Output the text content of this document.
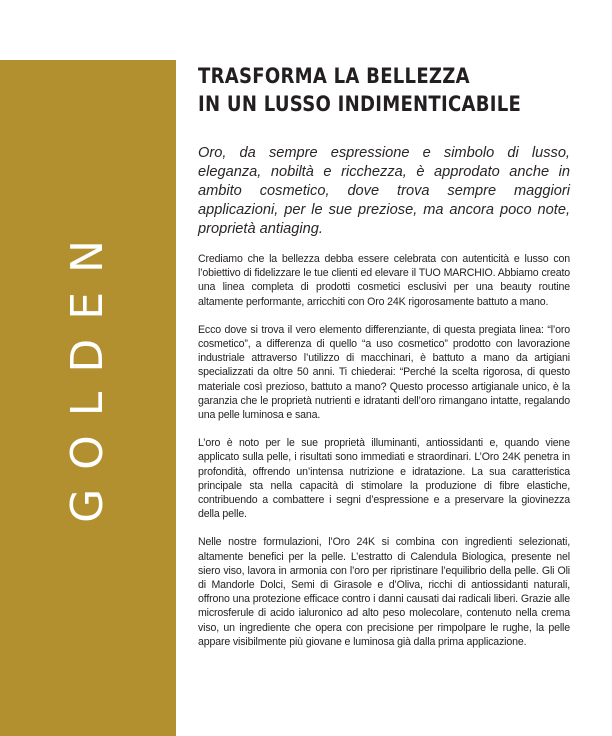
GOLDEN
TRASFORMA LA BELLEZZA
IN UN LUSSO INDIMENTICABILE

Oro, da sempre espressione e simbolo di lusso, eleganza, nobiltà e ricchezza, è approdato anche in ambito cosmetico, dove trova sempre maggiori applicazioni, per le sue preziose, ma ancora poco note, proprietà antiaging.

Crediamo che la bellezza debba essere celebrata con autenticità e lusso con l’obiettivo di fidelizzare le tue clienti ed elevare il TUO MARCHIO. Abbiamo creato una linea completa di prodotti cosmetici esclusivi per una beauty routine altamente performante, arricchiti con Oro 24K rigorosamente battuto a mano.

Ecco dove si trova il vero elemento differenziante, di questa pregiata linea: “l’oro cosmetico”, a differenza di quello “a uso cosmetico” prodotto con lavorazione industriale attraverso l’utilizzo di macchinari, è battuto a mano da artigiani specializzati da oltre 50 anni. Ti chiederai: “Perché la scelta rigorosa, di questo materiale così prezioso, battuto a mano? Questo processo artigianale unico, è la garanzia che le proprietà nutrienti e idratanti dell’oro rimangano intatte, regalando una pelle luminosa e sana.

L’oro è noto per le sue proprietà illuminanti, antiossidanti e, quando viene applicato sulla pelle, i risultati sono immediati e straordinari. L’Oro 24K penetra in profondità, offrendo un’intensa nutrizione e idratazione. La sua caratteristica principale sta nella capacità di stimolare la produzione di fibre elastiche, contribuendo a combattere i segni d’espressione e a preservare la giovinezza della pelle.

Nelle nostre formulazioni, l’Oro 24K si combina con ingredienti selezionati, altamente benefici per la pelle. L’estratto di Calendula Biologica, presente nel siero viso, lavora in armonia con l’oro per ripristinare l’equilibrio della pelle. Gli Oli di Mandorle Dolci, Semi di Girasole e d’Oliva, ricchi di antiossidanti naturali, offrono una protezione efficace contro i danni causati dai radicali liberi. Grazie alle microsferule di acido ialuronico ad alto peso molecolare, contenuto nella crema viso, un ingrediente che opera con precisione per rimpolpare le rughe, la pelle appare visibilmente più giovane e luminosa già dalla prima applicazione.
